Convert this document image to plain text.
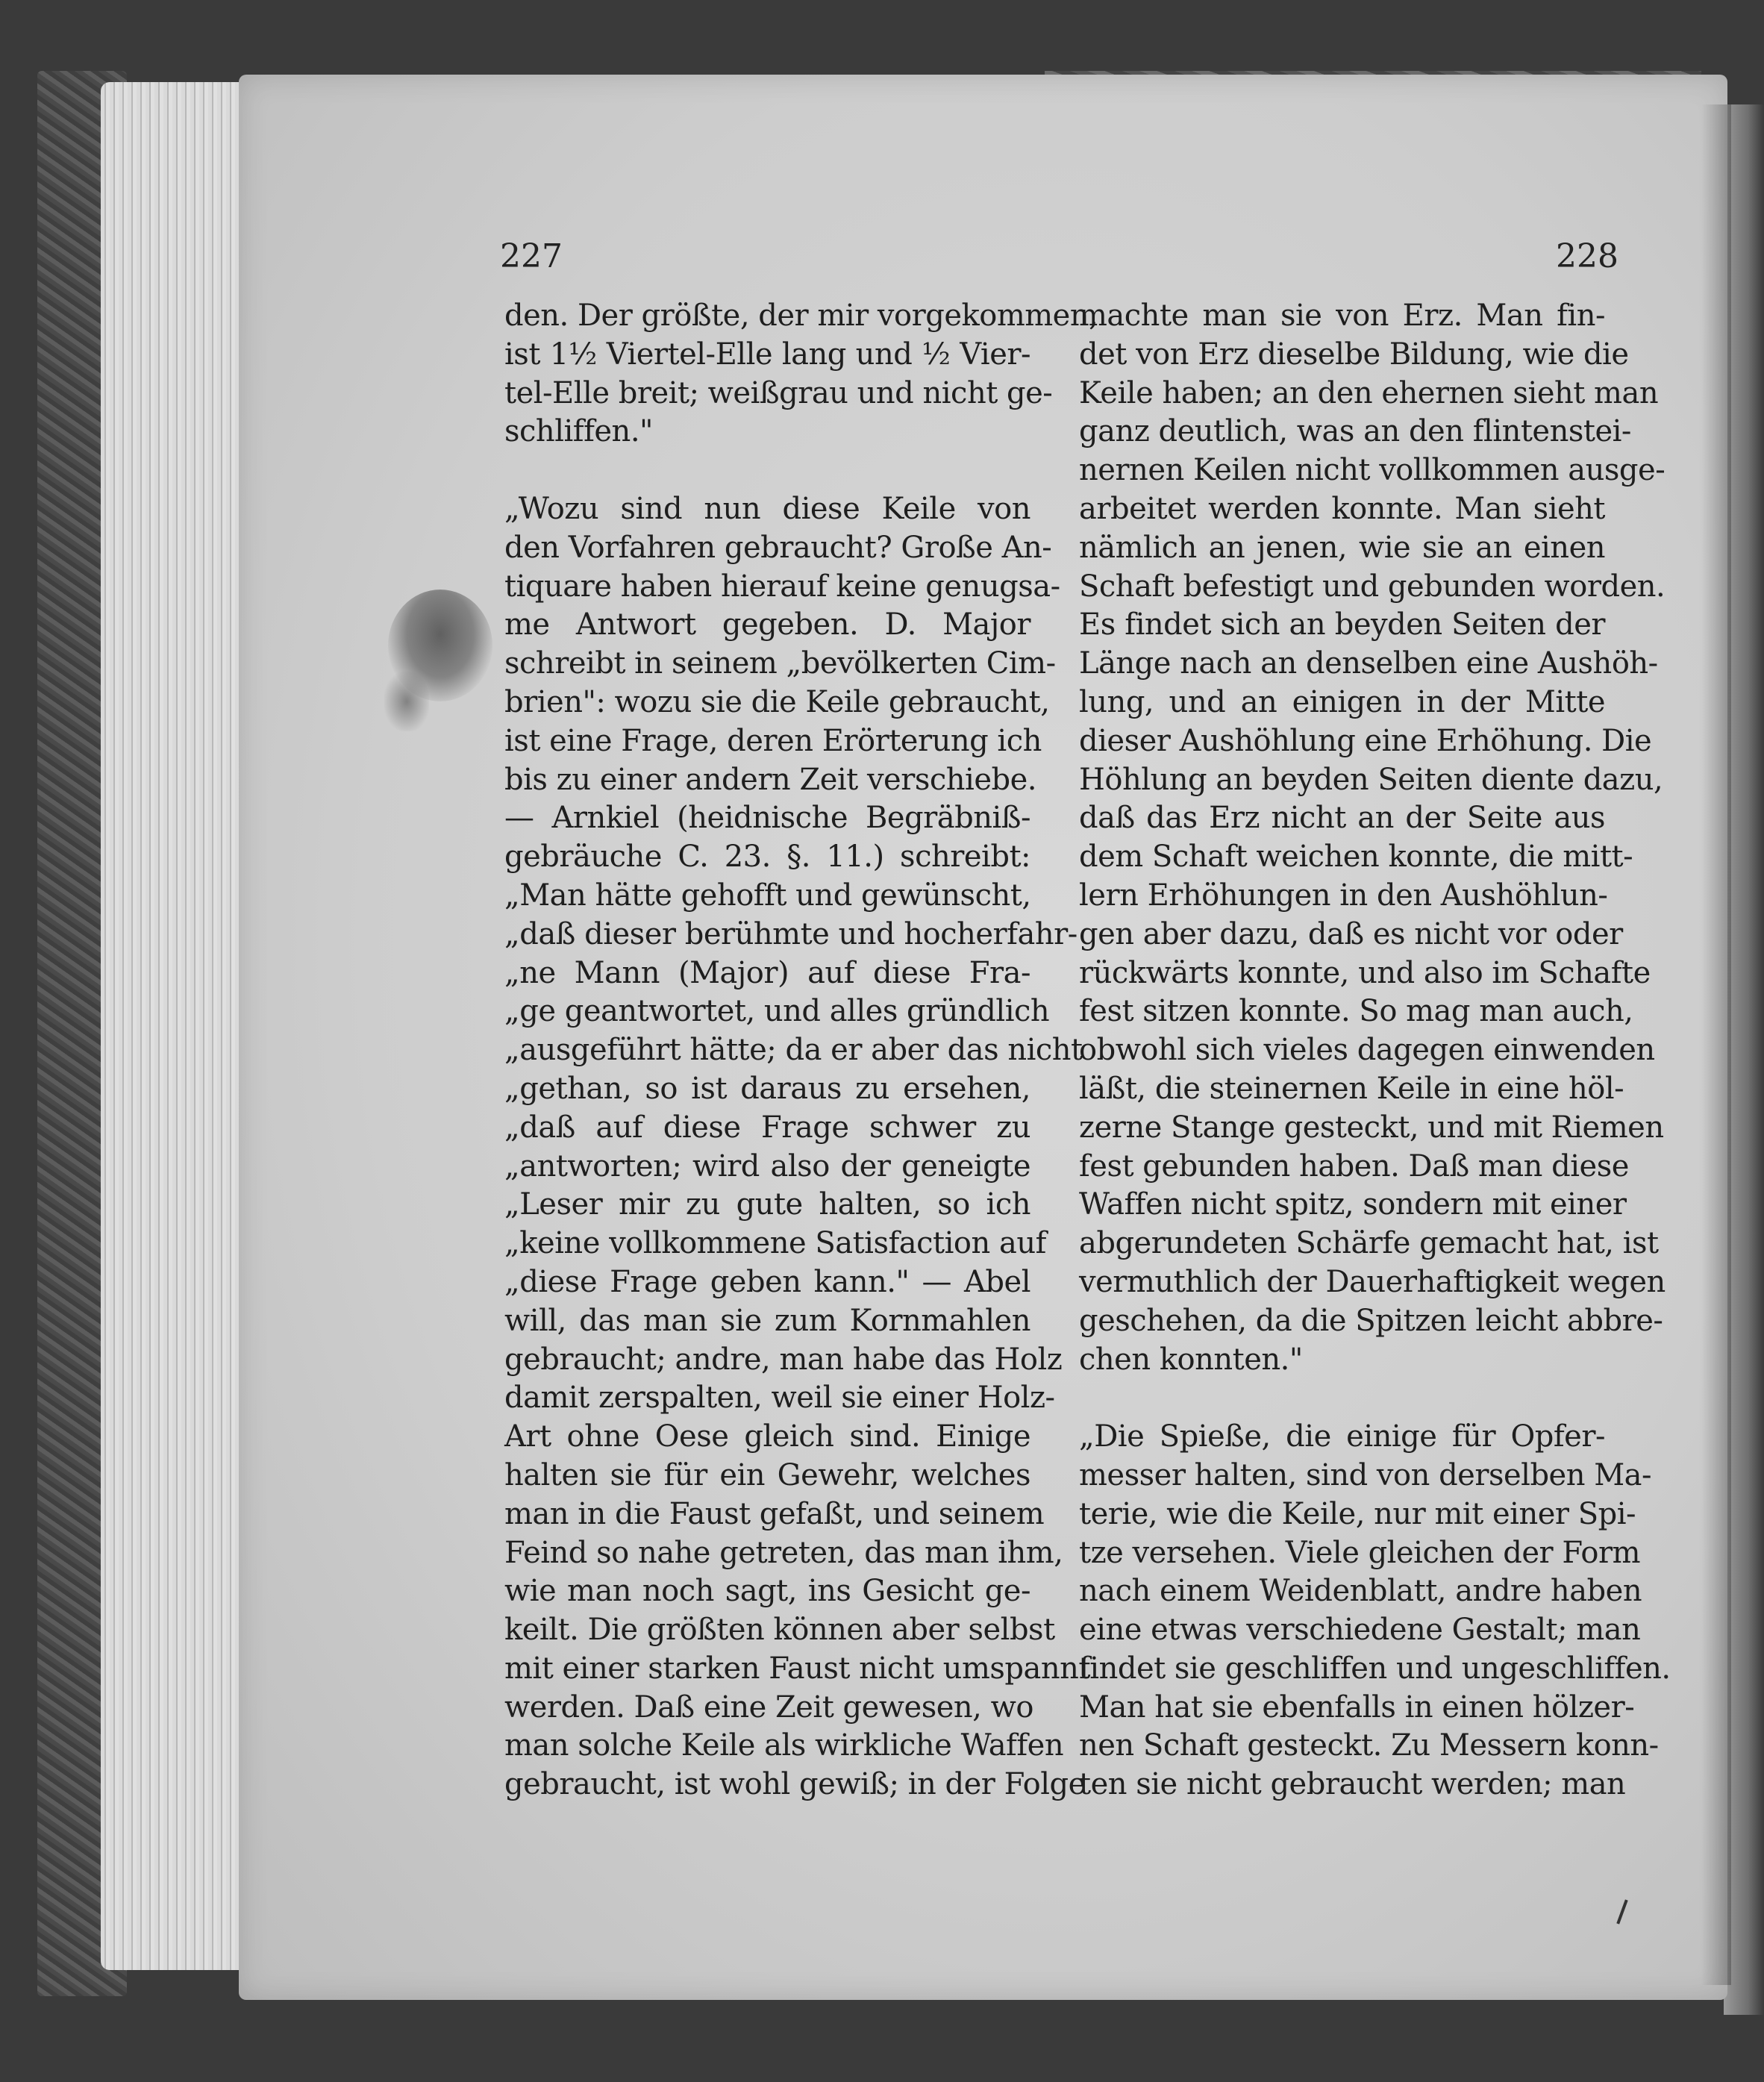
227	228
den. Der größte, der mir vorgekommen,
ist 1½ Viertel-Elle lang und ½ Vier-
tel-Elle breit; weißgrau und nicht ge-
schliffen."
„Wozu sind nun diese Keile von
den Vorfahren gebraucht? Große An-
tiquare haben hierauf keine genugsa-
me Antwort gegeben. D. Major
schreibt in seinem „bevölkerten Cim-
brien": wozu sie die Keile gebraucht,
ist eine Frage, deren Erörterung ich
bis zu einer andern Zeit verschiebe.
— Arnkiel (heidnische Begräbniß-
gebräuche C. 23. §. 11.) schreibt:
„Man hätte gehofft und gewünscht,
„daß dieser berühmte und hocherfahr-
„ne Mann (Major) auf diese Fra-
„ge geantwortet, und alles gründlich
„ausgeführt hätte; da er aber das nicht
„gethan, so ist daraus zu ersehen,
„daß auf diese Frage schwer zu
„antworten; wird also der geneigte
„Leser mir zu gute halten, so ich
„keine vollkommene Satisfaction auf
„diese Frage geben kann." — Abel
will, das man sie zum Kornmahlen
gebraucht; andre, man habe das Holz
damit zerspalten, weil sie einer Holz-
Art ohne Oese gleich sind. Einige
halten sie für ein Gewehr, welches
man in die Faust gefaßt, und seinem
Feind so nahe getreten, das man ihm,
wie man noch sagt, ins Gesicht ge-
keilt. Die größten können aber selbst
mit einer starken Faust nicht umspannt
werden. Daß eine Zeit gewesen, wo
man solche Keile als wirkliche Waffen
gebraucht, ist wohl gewiß; in der Folge
machte man sie von Erz. Man fin-
det von Erz dieselbe Bildung, wie die
Keile haben; an den ehernen sieht man
ganz deutlich, was an den flintenstei-
nernen Keilen nicht vollkommen ausge-
arbeitet werden konnte. Man sieht
nämlich an jenen, wie sie an einen
Schaft befestigt und gebunden worden.
Es findet sich an beyden Seiten der
Länge nach an denselben eine Aushöh-
lung, und an einigen in der Mitte
dieser Aushöhlung eine Erhöhung. Die
Höhlung an beyden Seiten diente dazu,
daß das Erz nicht an der Seite aus
dem Schaft weichen konnte, die mitt-
lern Erhöhungen in den Aushöhlun-
gen aber dazu, daß es nicht vor oder
rückwärts konnte, und also im Schafte
fest sitzen konnte. So mag man auch,
obwohl sich vieles dagegen einwenden
läßt, die steinernen Keile in eine höl-
zerne Stange gesteckt, und mit Riemen
fest gebunden haben. Daß man diese
Waffen nicht spitz, sondern mit einer
abgerundeten Schärfe gemacht hat, ist
vermuthlich der Dauerhaftigkeit wegen
geschehen, da die Spitzen leicht abbre-
chen konnten."
„Die Spieße, die einige für Opfer-
messer halten, sind von derselben Ma-
terie, wie die Keile, nur mit einer Spi-
tze versehen. Viele gleichen der Form
nach einem Weidenblatt, andre haben
eine etwas verschiedene Gestalt; man
findet sie geschliffen und ungeschliffen.
Man hat sie ebenfalls in einen hölzer-
nen Schaft gesteckt. Zu Messern konn-
ten sie nicht gebraucht werden; man
